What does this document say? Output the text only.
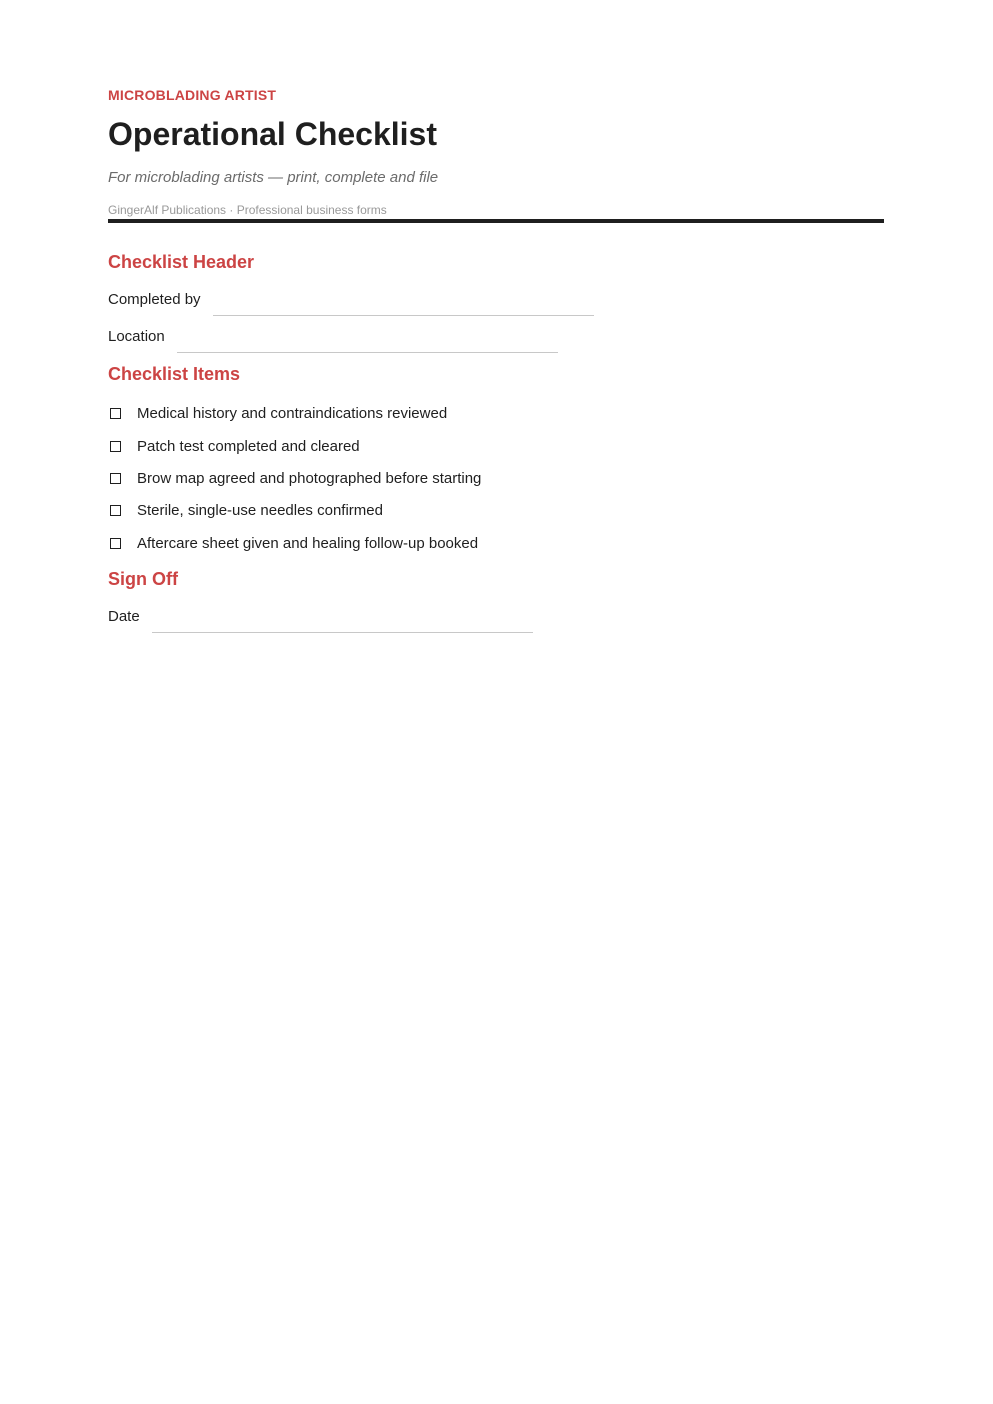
MICROBLADING ARTIST
Operational Checklist
For microblading artists — print, complete and file
GingerAlf Publications · Professional business forms
Checklist Header
Completed by
Location
Checklist Items
Medical history and contraindications reviewed
Patch test completed and cleared
Brow map agreed and photographed before starting
Sterile, single-use needles confirmed
Aftercare sheet given and healing follow-up booked
Sign Off
Date
